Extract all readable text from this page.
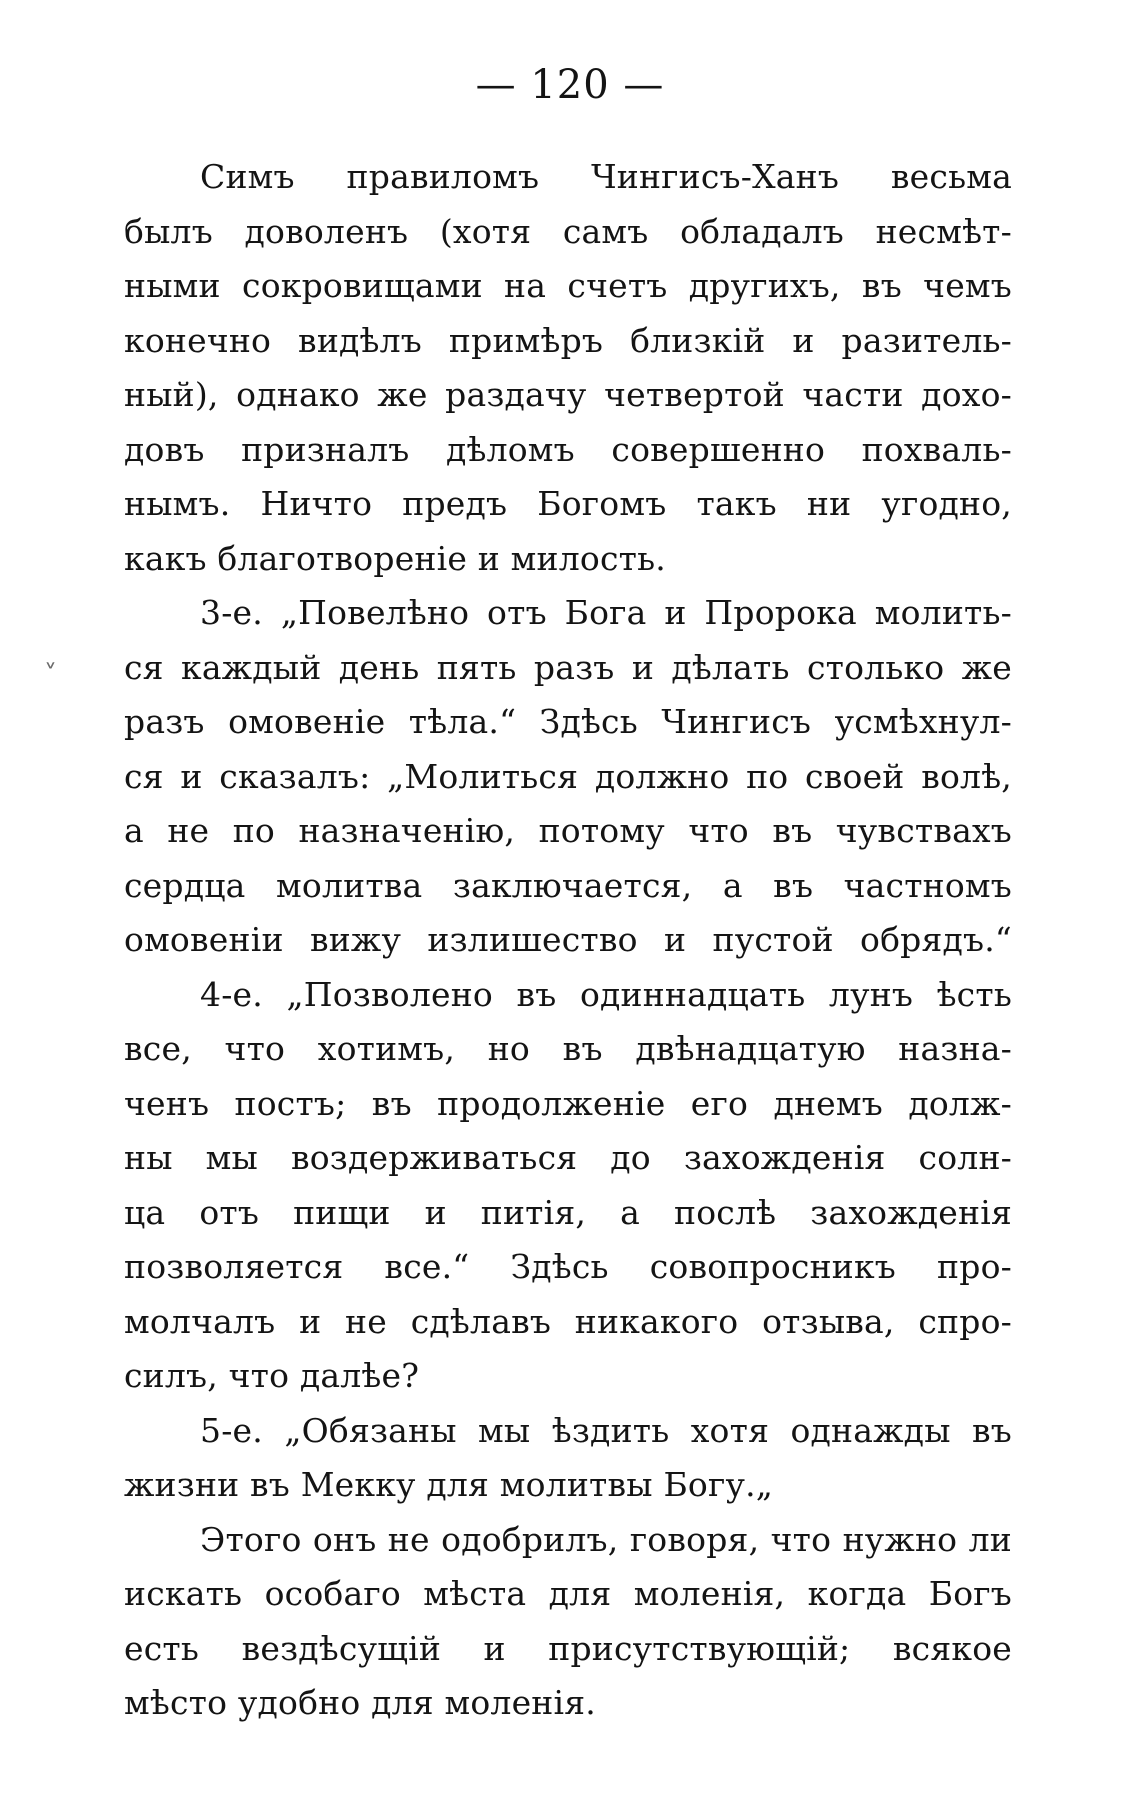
— 120 —
Симъ правиломъ Чингисъ-Ханъ весьма
былъ доволенъ (хотя самъ обладалъ несмѣт-
ными сокровищами на счетъ другихъ, въ чемъ
конечно видѣлъ примѣръ близкій и разитель-
ный), однако же раздачу четвертой части дохо-
довъ призналъ дѣломъ совершенно похваль-
нымъ. Ничто предъ Богомъ такъ ни угодно,
какъ благотвореніе и милость.
3-е. „Повелѣно отъ Бога и Пророка молить-
ся каждый день пять разъ и дѣлать столько же
разъ омовеніе тѣла.“ Здѣсь Чингисъ усмѣхнул-
ся и сказалъ: „Молиться должно по своей волѣ,
а не по назначенію, потому что въ чувствахъ
сердца молитва заключается, а въ частномъ
омовеніи вижу излишество и пустой обрядъ.“
4-е. „Позволено въ одиннадцать лунъ ѣсть
все, что хотимъ, но въ двѣнадцатую назна-
ченъ постъ; въ продолженіе его днемъ долж-
ны мы воздерживаться до захожденія солн-
ца отъ пищи и питія, а послѣ захожденія
позволяется все.“ Здѣсь совопросникъ про-
молчалъ и не сдѣлавъ никакого отзыва, спро-
силъ, что далѣе?
5-е. „Обязаны мы ѣздить хотя однажды въ
жизни въ Мекку для молитвы Богу.„
Этого онъ не одобрилъ, говоря, что нужно ли
искать особаго мѣста для моленія, когда Богъ
есть вездѣсущій и присутствующій; всякое
мѣсто удобно для моленія.
˅
